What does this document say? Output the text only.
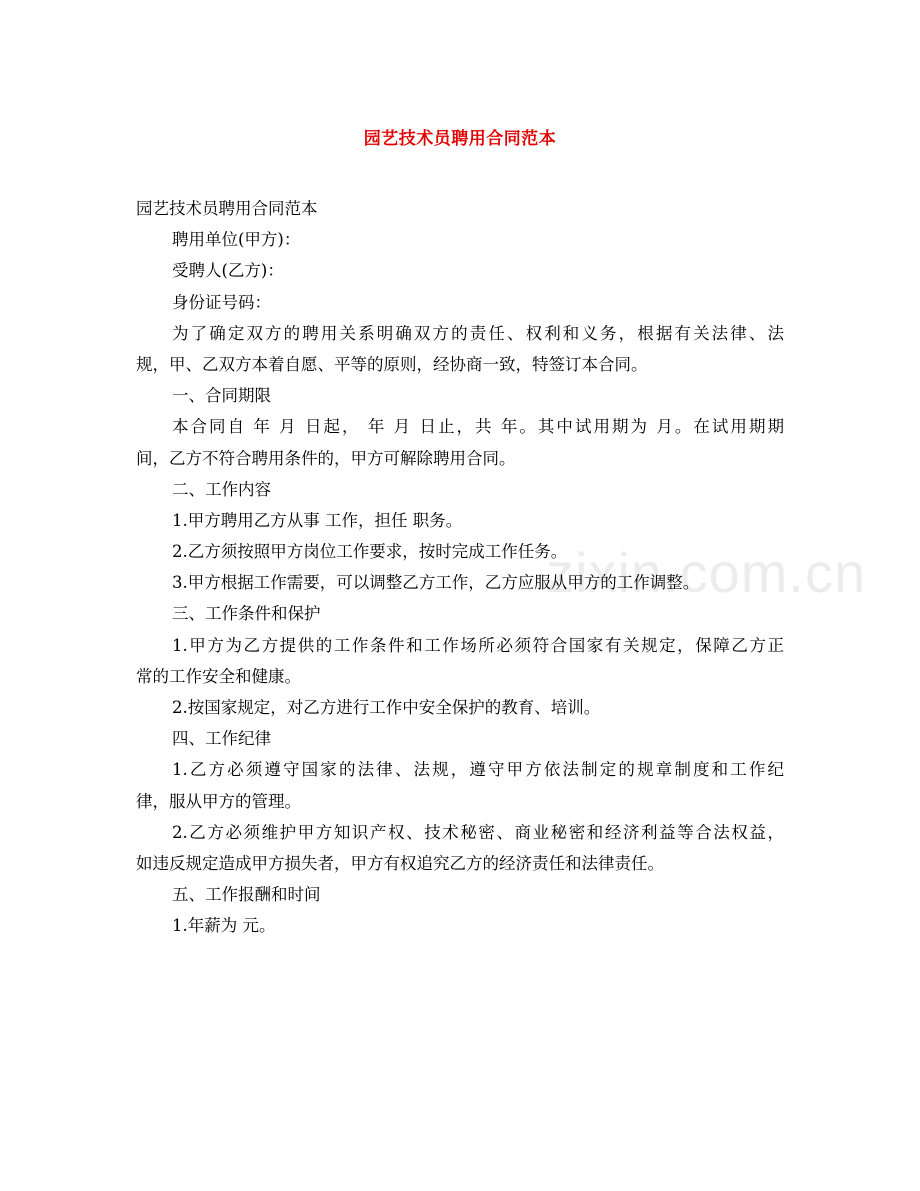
园艺技术员聘用合同范本
园艺技术员聘用合同范本
聘用单位(甲方)：
受聘人(乙方)：
身份证号码：
为了确定双方的聘用关系明确双方的责任、权利和义务，根据有关法律、法
规，甲、乙双方本着自愿、平等的原则，经协商一致，特签订本合同。
一、合同期限
本合同自 年 月 日起， 年 月 日止，共 年。其中试用期为 月。在试用期期
间，乙方不符合聘用条件的，甲方可解除聘用合同。
二、工作内容
1.甲方聘用乙方从事 工作，担任 职务。
2.乙方须按照甲方岗位工作要求，按时完成工作任务。
3.甲方根据工作需要，可以调整乙方工作，乙方应服从甲方的工作调整。
三、工作条件和保护
1.甲方为乙方提供的工作条件和工作场所必须符合国家有关规定，保障乙方正
常的工作安全和健康。
2.按国家规定，对乙方进行工作中安全保护的教育、培训。
四、工作纪律
1.乙方必须遵守国家的法律、法规，遵守甲方依法制定的规章制度和工作纪
律，服从甲方的管理。
2.乙方必须维护甲方知识产权、技术秘密、商业秘密和经济利益等合法权益，
如违反规定造成甲方损失者，甲方有权追究乙方的经济责任和法律责任。
五、工作报酬和时间
1.年薪为 元。
zixin.com.cn
